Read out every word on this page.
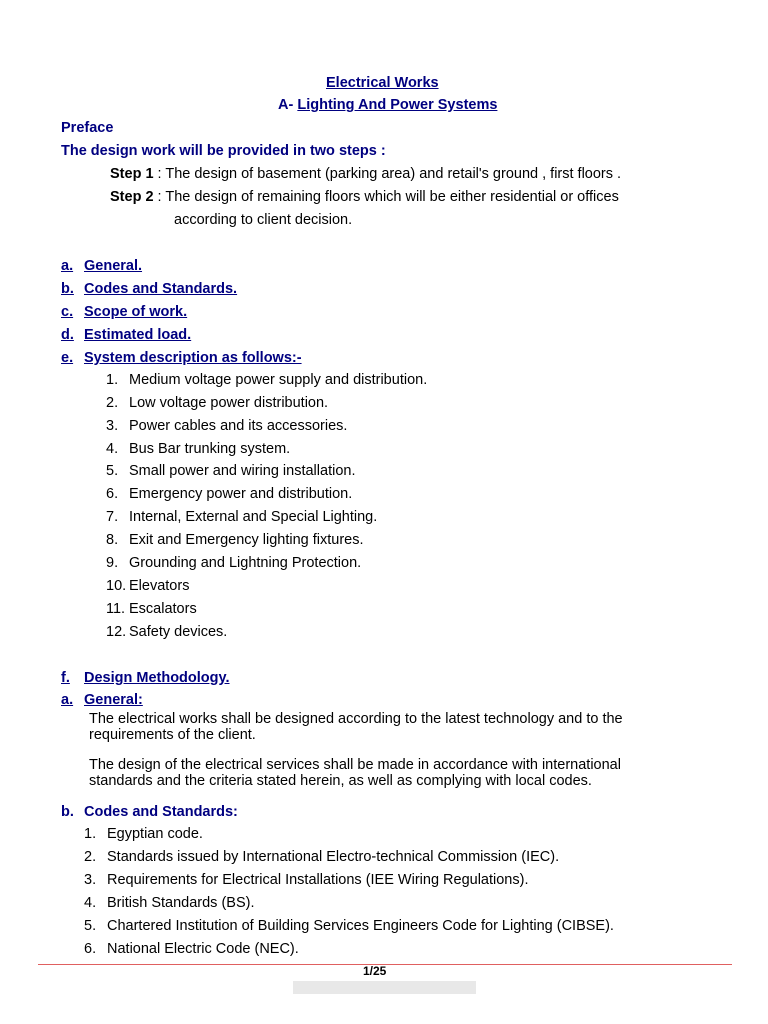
Electrical Works
A- Lighting And Power Systems
Preface
The design work will be provided in two steps :
Step 1 : The design of basement (parking area) and retail's ground , first floors .
Step 2 : The design of remaining floors which will be either residential or offices
according to client decision.
a. General.
b. Codes and Standards.
c. Scope of work.
d. Estimated load.
e. System description as follows:-
1. Medium voltage power supply and distribution.
2. Low voltage power distribution.
3. Power cables and its accessories.
4. Bus Bar trunking system.
5. Small power and wiring installation.
6. Emergency power and distribution.
7. Internal, External and Special Lighting.
8. Exit and Emergency lighting fixtures.
9. Grounding and Lightning Protection.
10. Elevators
11. Escalators
12. Safety devices.
f. Design Methodology.
a. General:
The electrical works shall be designed according to the latest technology and to the requirements of the client.
The design of the electrical services shall be made in accordance with international standards and the criteria stated herein, as well as complying with local codes.
b. Codes and Standards:
1. Egyptian code.
2. Standards issued by International Electro-technical Commission (IEC).
3. Requirements for Electrical Installations (IEE Wiring Regulations).
4. British Standards (BS).
5. Chartered Institution of Building Services Engineers Code for Lighting (CIBSE).
6. National Electric Code (NEC).
1/25
